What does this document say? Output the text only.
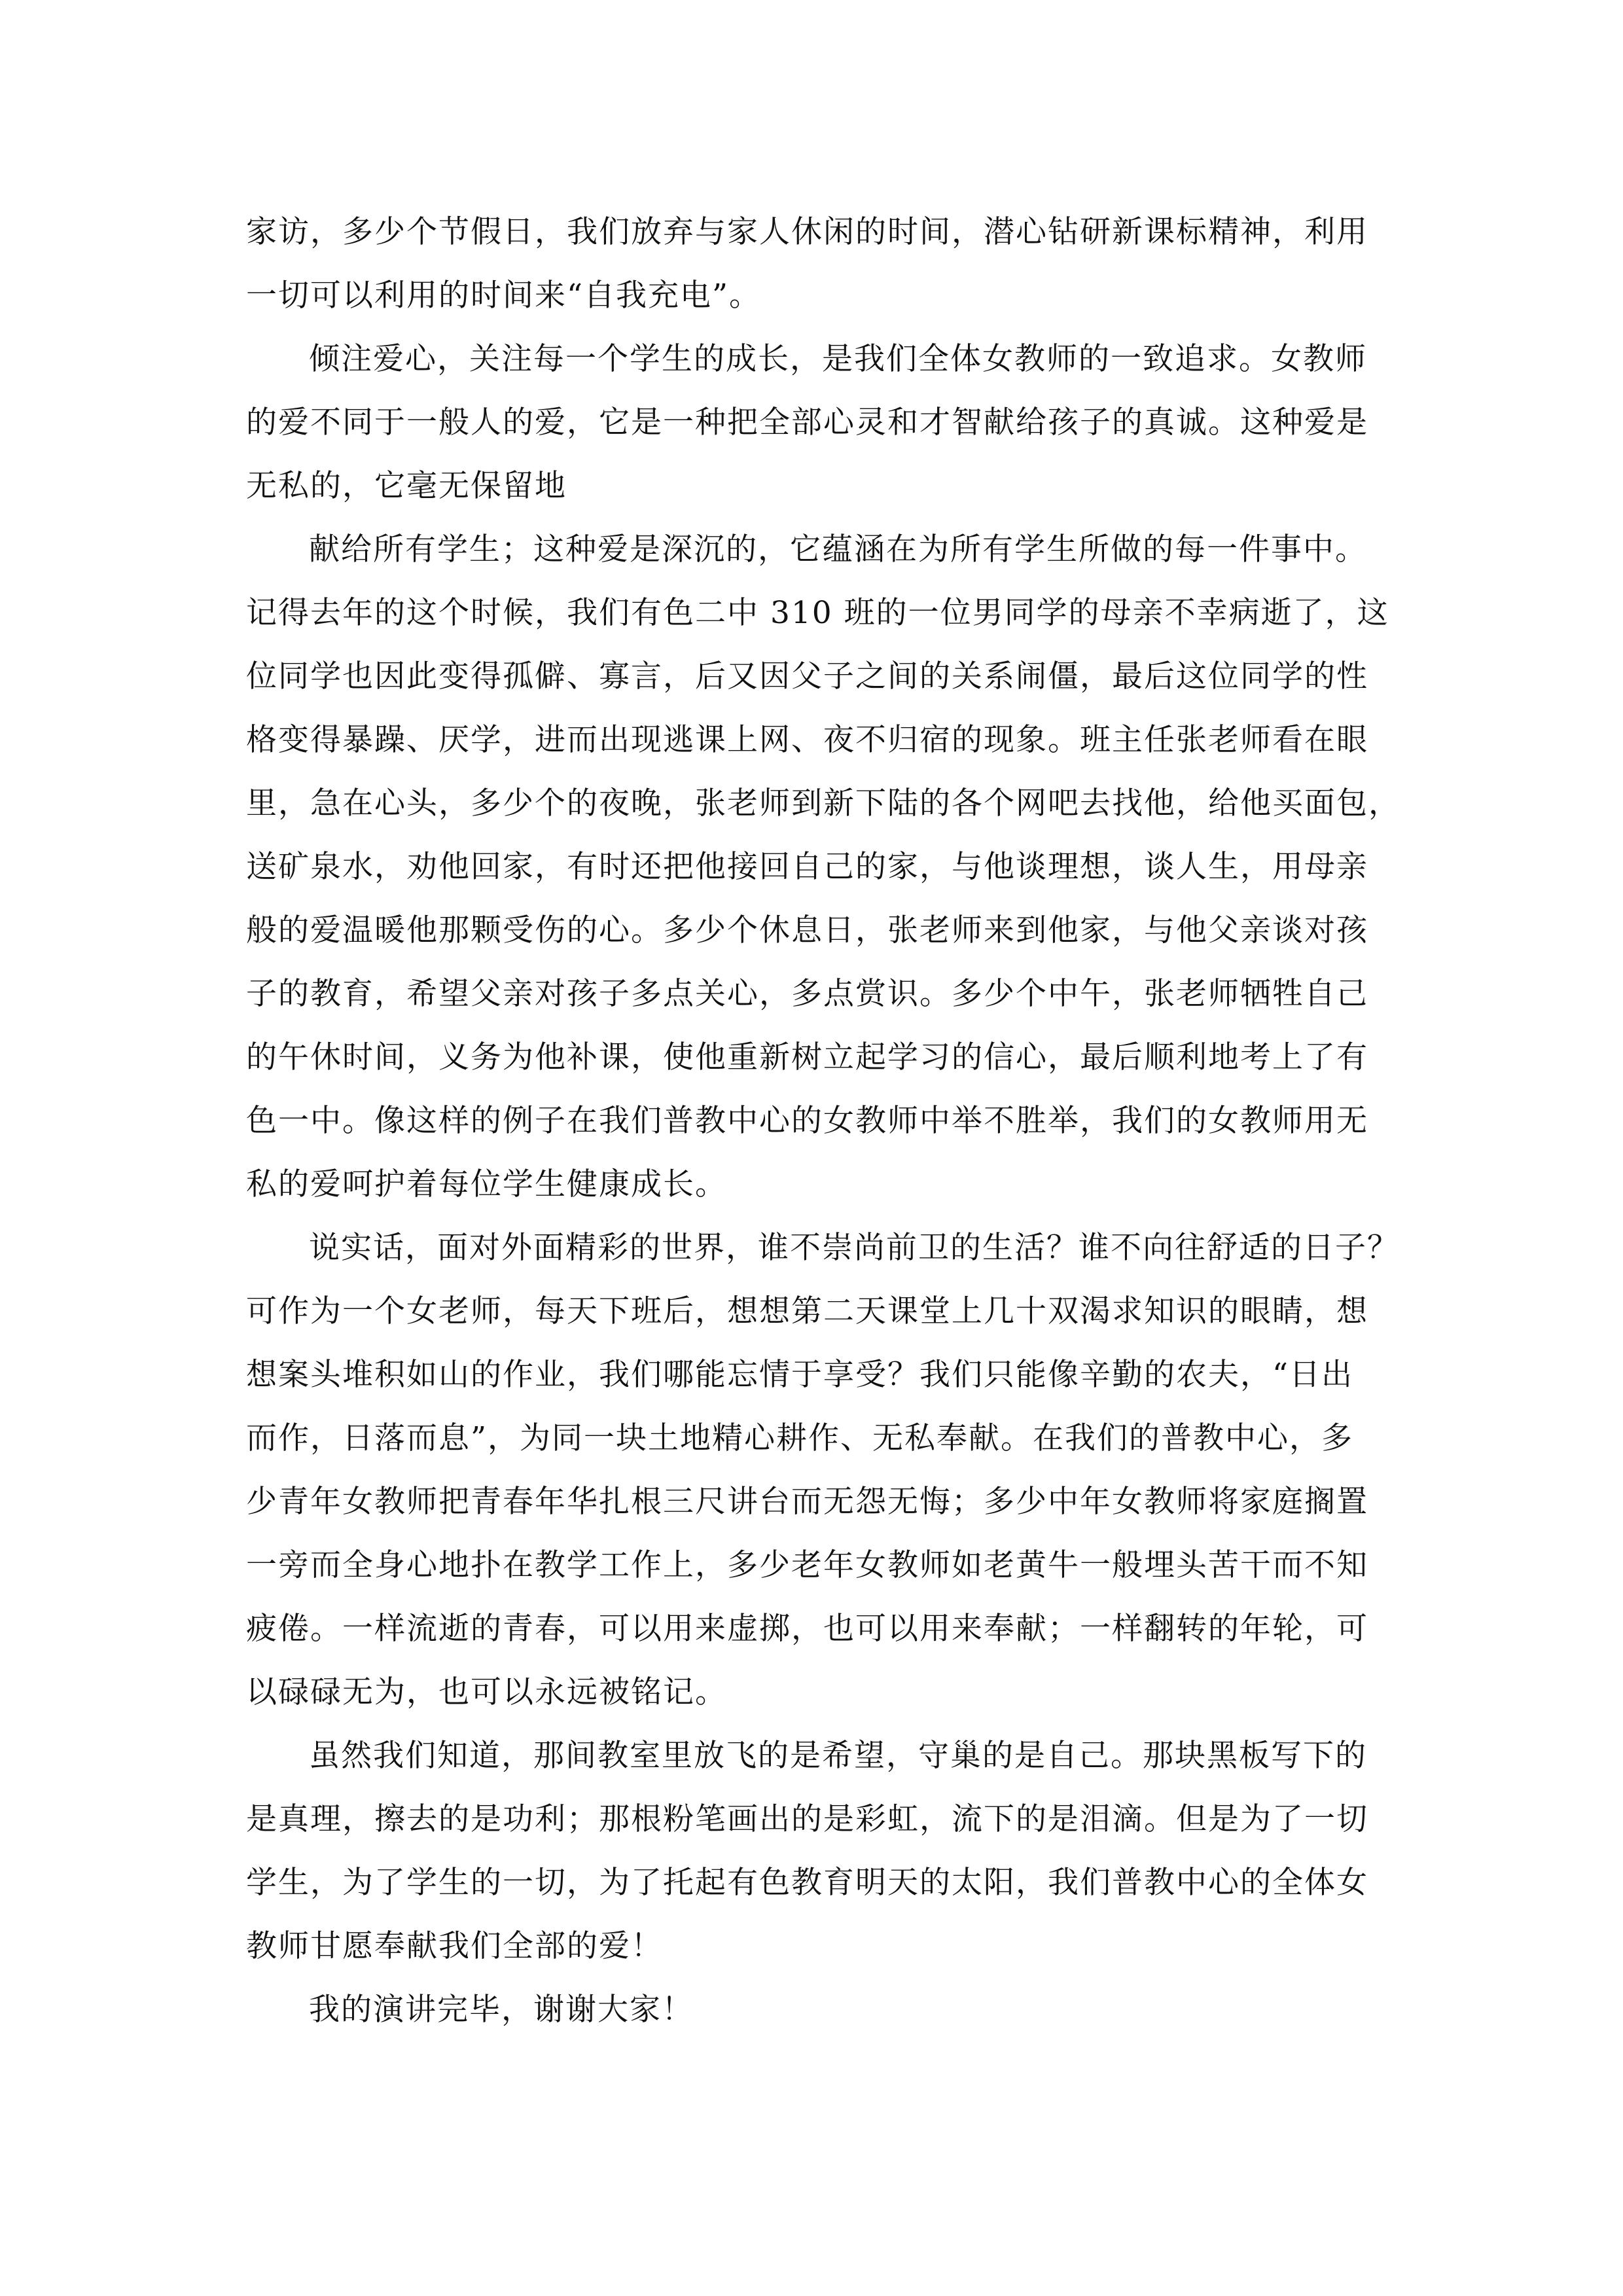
家访，多少个节假日，我们放弃与家人休闲的时间，潜心钻研新课标精神，利用
一切可以利用的时间来“自我充电”。
倾注爱心，关注每一个学生的成长，是我们全体女教师的一致追求。女教师
的爱不同于一般人的爱，它是一种把全部心灵和才智献给孩子的真诚。这种爱是
无私的，它毫无保留地
献给所有学生；这种爱是深沉的，它蕴涵在为所有学生所做的每一件事中。
记得去年的这个时候，我们有色二中 310 班的一位男同学的母亲不幸病逝了，这
位同学也因此变得孤僻、寡言，后又因父子之间的关系闹僵，最后这位同学的性
格变得暴躁、厌学，进而出现逃课上网、夜不归宿的现象。班主任张老师看在眼
里，急在心头，多少个的夜晚，张老师到新下陆的各个网吧去找他，给他买面包，
送矿泉水，劝他回家，有时还把他接回自己的家，与他谈理想，谈人生，用母亲
般的爱温暖他那颗受伤的心。多少个休息日，张老师来到他家，与他父亲谈对孩
子的教育，希望父亲对孩子多点关心，多点赏识。多少个中午，张老师牺牲自己
的午休时间，义务为他补课，使他重新树立起学习的信心，最后顺利地考上了有
色一中。像这样的例子在我们普教中心的女教师中举不胜举，我们的女教师用无
私的爱呵护着每位学生健康成长。
说实话，面对外面精彩的世界，谁不崇尚前卫的生活？谁不向往舒适的日子？
可作为一个女老师，每天下班后，想想第二天课堂上几十双渴求知识的眼睛，想
想案头堆积如山的作业，我们哪能忘情于享受？我们只能像辛勤的农夫，“日出
而作，日落而息”，为同一块土地精心耕作、无私奉献。在我们的普教中心，多
少青年女教师把青春年华扎根三尺讲台而无怨无悔；多少中年女教师将家庭搁置
一旁而全身心地扑在教学工作上，多少老年女教师如老黄牛一般埋头苦干而不知
疲倦。一样流逝的青春，可以用来虚掷，也可以用来奉献；一样翻转的年轮，可
以碌碌无为，也可以永远被铭记。
虽然我们知道，那间教室里放飞的是希望，守巢的是自己。那块黑板写下的
是真理，擦去的是功利；那根粉笔画出的是彩虹，流下的是泪滴。但是为了一切
学生，为了学生的一切，为了托起有色教育明天的太阳，我们普教中心的全体女
教师甘愿奉献我们全部的爱！
我的演讲完毕，谢谢大家！
